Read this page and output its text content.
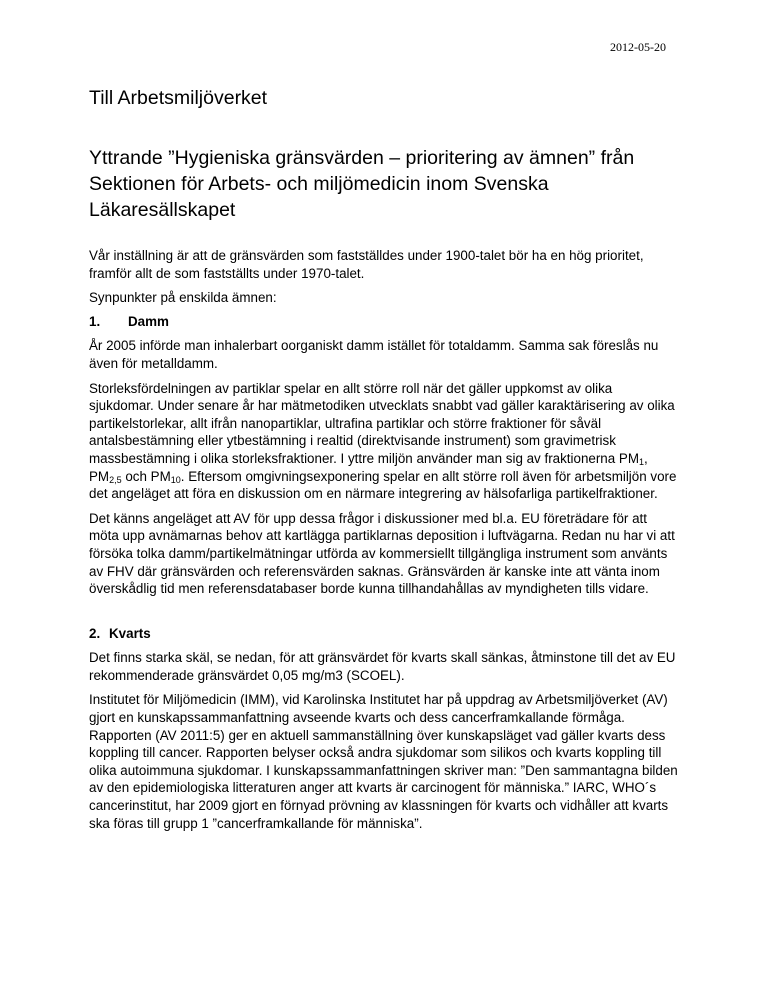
2012-05-20
Till Arbetsmiljöverket
Yttrande ”Hygieniska gränsvärden – prioritering av ämnen” från Sektionen för Arbets- och miljömedicin inom Svenska Läkaresällskapet

Vår inställning är att de gränsvärden som fastställdes under 1900-talet bör ha en hög prioritet, framför allt de som fastställts under 1970-talet.

Synpunkter på enskilda ämnen:

1. Damm

År 2005 införde man inhalerbart oorganiskt damm istället för totaldamm. Samma sak föreslås nu även för metalldamm.

Storleksfördelningen av partiklar spelar en allt större roll när det gäller uppkomst av olika sjukdomar. Under senare år har mätmetodiken utvecklats snabbt vad gäller karaktärisering av olika partikelstorlekar, allt ifrån nanopartiklar, ultrafina partiklar och större fraktioner för såväl antalsbestämning eller ytbestämning i realtid (direktvisande instrument) som gravimetrisk massbestämning i olika storleksfraktioner. I yttre miljön använder man sig av fraktionerna $PM_1$, $PM_{2,5}$ och $PM_{10}$. Eftersom omgivningsexponering spelar en allt större roll även för arbetsmiljön vore det angeläget att föra en diskussion om en närmare integrering av hälsofarliga partikelfraktioner.

Det känns angeläget att AV för upp dessa frågor i diskussioner med bl.a. EU företrädare för att möta upp avnämarnas behov att kartlägga partiklarnas deposition i luftvägarna. Redan nu har vi att försöka tolka damm/partikelmätningar utförda av kommersiellt tillgängliga instrument som använts av FHV där gränsvärden och referensvärden saknas. Gränsvärden är kanske inte att vänta inom överskådlig tid men referensdatabaser borde kunna tillhandahållas av myndigheten tills vidare.

2. Kvarts

Det finns starka skäl, se nedan, för att gränsvärdet för kvarts skall sänkas, åtminstone till det av EU rekommenderade gränsvärdet 0,05 mg/m3 (SCOEL).

Institutet för Miljömedicin (IMM), vid Karolinska Institutet har på uppdrag av Arbetsmiljöverket (AV) gjort en kunskapssammanfattning avseende kvarts och dess cancerframkallande förmåga. Rapporten (AV 2011:5) ger en aktuell sammanställning över kunskapsläget vad gäller kvarts dess koppling till cancer. Rapporten belyser också andra sjukdomar som silikos och kvarts koppling till olika autoimmuna sjukdomar. I kunskapssammanfattningen skriver man: ”Den sammantagna bilden av den epidemiologiska litteraturen anger att kvarts är carcinogent för människa.” IARC, WHO´s cancerinstitut, har 2009 gjort en förnyad prövning av klassningen för kvarts och vidhåller att kvarts ska föras till grupp 1 ”cancerframkallande för människa”.
